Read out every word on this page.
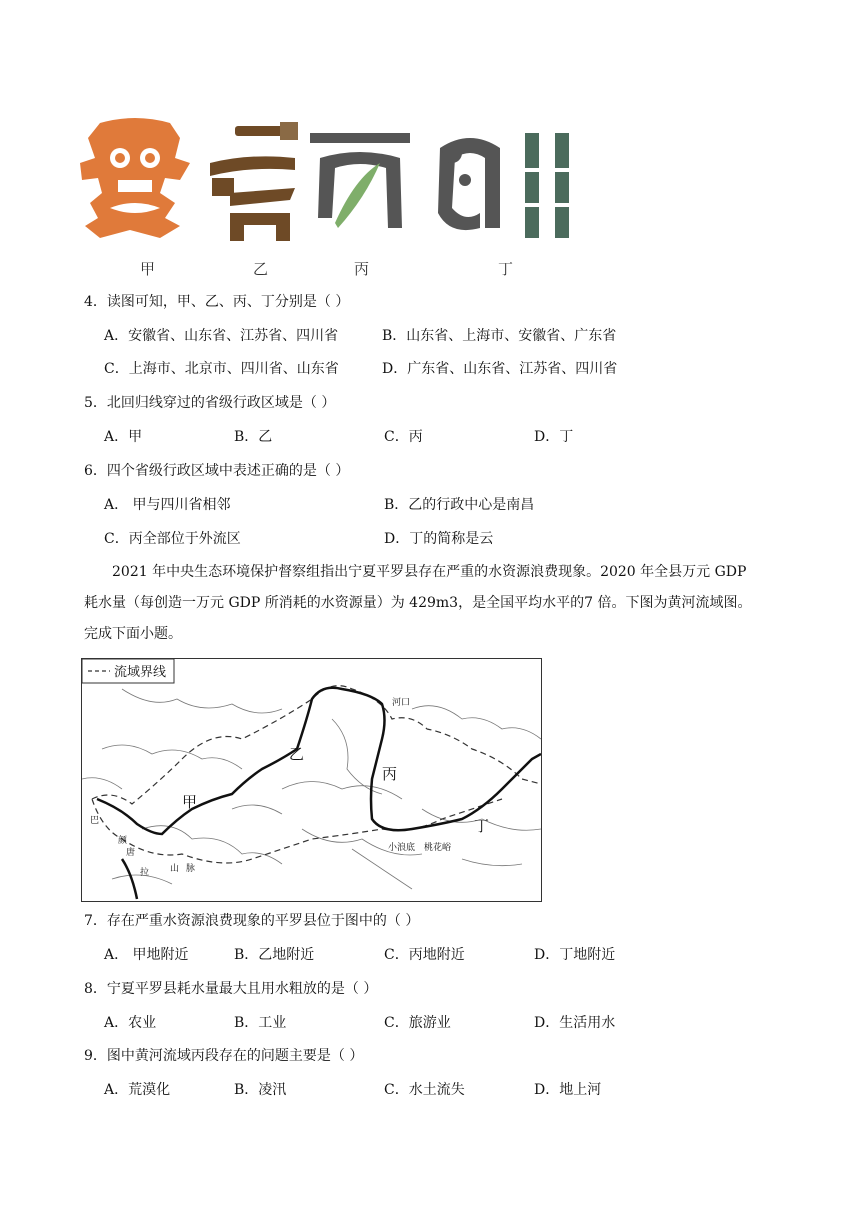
甲	乙	丙	丁
4．读图可知，甲、乙、丙、丁分别是（ ）
A．安徽省、山东省、江苏省、四川省	B．山东省、上海市、安徽省、广东省
C．上海市、北京市、四川省、山东省	D．广东省、山东省、江苏省、四川省
5．北回归线穿过的省级行政区域是（ ）
A．甲	B．乙	C．丙	D．丁
6．四个省级行政区域中表述正确的是（ ）
A． 甲与四川省相邻	B．乙的行政中心是南昌
C．丙全部位于外流区	D．丁的简称是云
2021 年中央生态环境保护督察组指出宁夏平罗县存在严重的水资源浪费现象。2020 年全县万元 GDP
耗水量（每创造一万元 GDP 所消耗的水资源量）为 429m3，是全国平均水平的7 倍。下图为黄河流域图。
完成下面小题。
流域界线
甲
乙
丙
丁
河口
小浪底 桃花峪
巴
颜
唐
拉 山 脉
7．存在严重水资源浪费现象的平罗县位于图中的（ ）
A． 甲地附近	B．乙地附近	C．丙地附近	D．丁地附近
8．宁夏平罗县耗水量最大且用水粗放的是（ ）
A．农业	B．工业	C．旅游业	D．生活用水
9．图中黄河流域丙段存在的问题主要是（ ）
A．荒漠化	B．凌汛	C．水土流失	D．地上河
